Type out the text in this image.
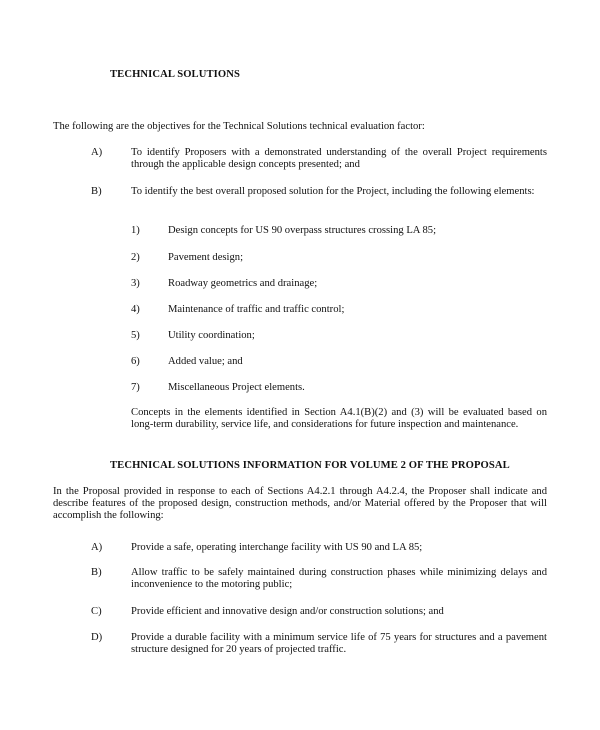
TECHNICAL SOLUTIONS
The following are the objectives for the Technical Solutions technical evaluation factor:
A)	To identify Proposers with a demonstrated understanding of the overall Project requirements through the applicable design concepts presented; and
B)	To identify the best overall proposed solution for the Project, including the following elements:
1)	Design concepts for US 90 overpass structures crossing LA 85;
2)	Pavement design;
3)	Roadway geometrics and drainage;
4)	Maintenance of traffic and traffic control;
5)	Utility coordination;
6)	Added value; and
7)	Miscellaneous Project elements.
Concepts in the elements identified in Section A4.1(B)(2) and (3) will be evaluated based on long-term durability, service life, and considerations for future inspection and maintenance.
TECHNICAL SOLUTIONS INFORMATION FOR VOLUME 2 OF THE PROPOSAL
In the Proposal provided in response to each of Sections A4.2.1 through A4.2.4, the Proposer shall indicate and describe features of the proposed design, construction methods, and/or Material offered by the Proposer that will accomplish the following:
A)	Provide a safe, operating interchange facility with US 90 and LA 85;
B)	Allow traffic to be safely maintained during construction phases while minimizing delays and inconvenience to the motoring public;
C)	Provide efficient and innovative design and/or construction solutions; and
D)	Provide a durable facility with a minimum service life of 75 years for structures and a pavement structure designed for 20 years of projected traffic.
